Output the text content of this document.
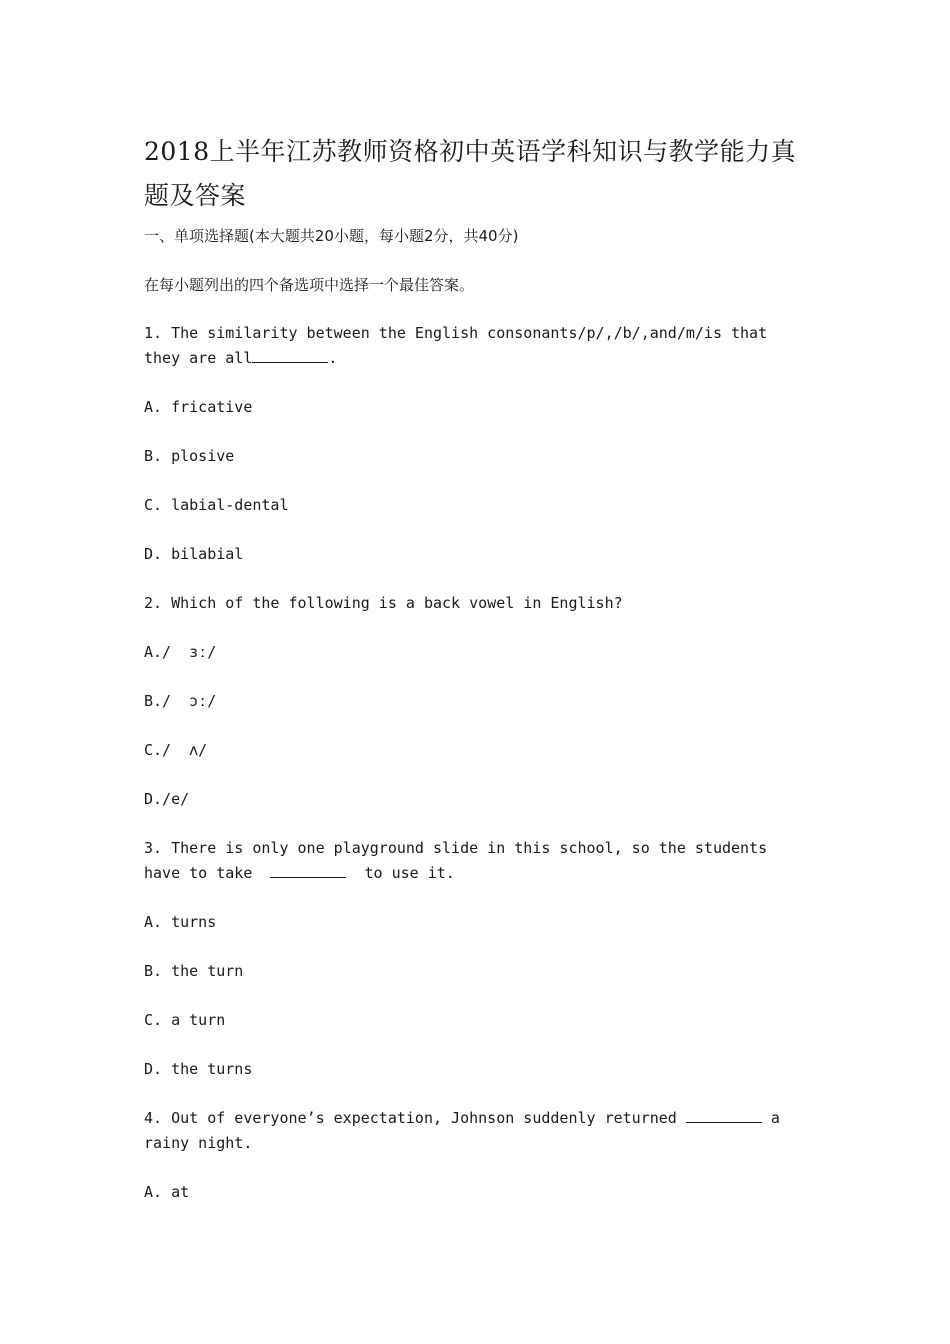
2018上半年江苏教师资格初中英语学科知识与教学能力真题及答案
一、单项选择题(本大题共20小题，每小题2分，共40分)
在每小题列出的四个备选项中选择一个最佳答案。
1. The similarity between the English consonants/p/,/b/,and/m/is that they are all	.
A. fricative
B. plosive
C. labial-dental
D. bilabial
2. Which of the following is a back vowel in English?
A./  ɜː/
B./  ɔː/
C./  ʌ/
D./e/
3. There is only one playground slide in this school, so the students have to take	to use it.
A. turns
B. the turn
C. a turn
D. the turns
4. Out of everyone’s expectation, Johnson suddenly returned	a rainy night.
A. at
